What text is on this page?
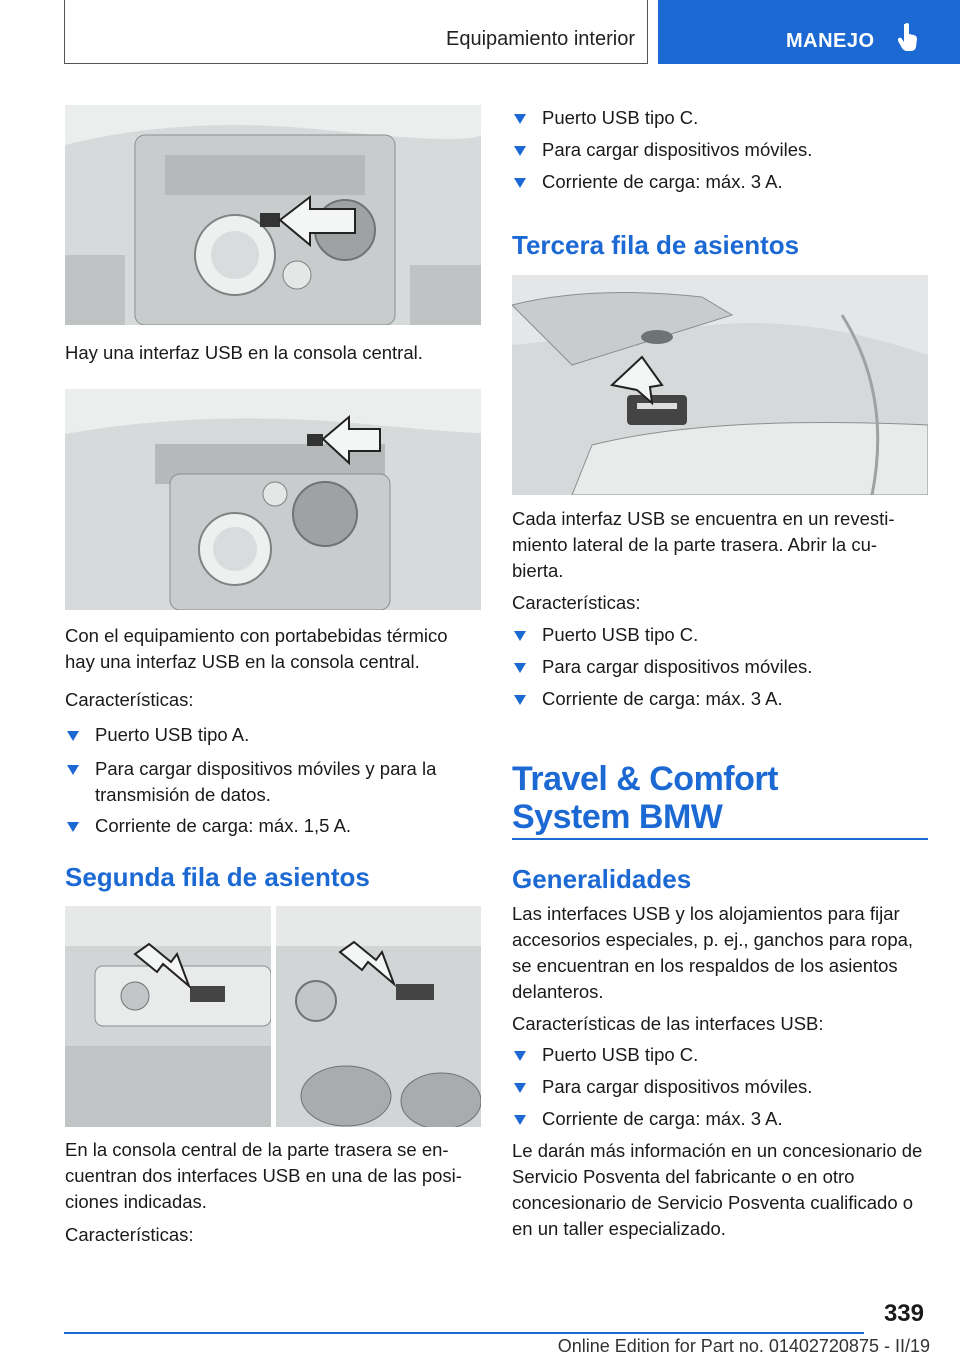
Equipamiento interior	MANEJO

Hay una interfaz USB en la consola central.

Con el equipamiento con portabebidas térmico hay una interfaz USB en la consola central.

Características:

Puerto USB tipo A.

Para cargar dispositivos móviles y para la transmisión de datos.

Corriente de carga: máx. 1,5 A.

Segunda fila de asientos

En la consola central de la parte trasera se en-cuentran dos interfaces USB en una de las posi-ciones indicadas.

Características:

Puerto USB tipo C.

Para cargar dispositivos móviles.

Corriente de carga: máx. 3 A.

Tercera fila de asientos

Cada interfaz USB se encuentra en un revesti-miento lateral de la parte trasera. Abrir la cu-bierta.

Características:

Puerto USB tipo C.

Para cargar dispositivos móviles.

Corriente de carga: máx. 3 A.

Travel & Comfort System BMW
Generalidades

Las interfaces USB y los alojamientos para fijar accesorios especiales, p. ej., ganchos para ropa, se encuentran en los respaldos de los asientos delanteros.

Características de las interfaces USB:

Puerto USB tipo C.

Para cargar dispositivos móviles.

Corriente de carga: máx. 3 A.

Le darán más información en un concesionario de Servicio Posventa del fabricante o en otro concesionario de Servicio Posventa cualificado o en un taller especializado.

339
Online Edition for Part no. 01402720875 - II/19
